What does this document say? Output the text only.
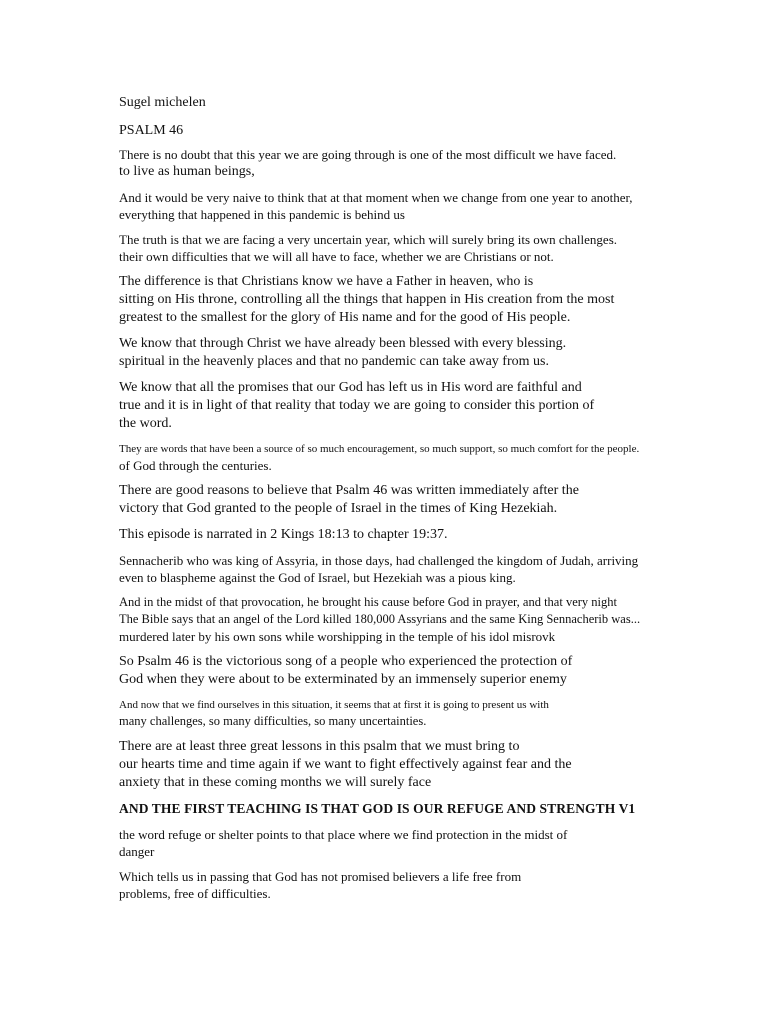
Sugel michelen

PSALM 46

There is no doubt that this year we are going through is one of the most difficult we have faced.
to live as human beings,

And it would be very naive to think that at that moment when we change from one year to another,
everything that happened in this pandemic is behind us

The truth is that we are facing a very uncertain year, which will surely bring its own challenges.
their own difficulties that we will all have to face, whether we are Christians or not.

The difference is that Christians know we have a Father in heaven, who is
sitting on His throne, controlling all the things that happen in His creation from the most
greatest to the smallest for the glory of His name and for the good of His people.

We know that through Christ we have already been blessed with every blessing.
spiritual in the heavenly places and that no pandemic can take away from us.

We know that all the promises that our God has left us in His word are faithful and
true and it is in light of that reality that today we are going to consider this portion of
the word.

They are words that have been a source of so much encouragement, so much support, so much comfort for the people.
of God through the centuries.

There are good reasons to believe that Psalm 46 was written immediately after the
victory that God granted to the people of Israel in the times of King Hezekiah.

This episode is narrated in 2 Kings 18:13 to chapter 19:37.

Sennacherib who was king of Assyria, in those days, had challenged the kingdom of Judah, arriving
even to blaspheme against the God of Israel, but Hezekiah was a pious king.

And in the midst of that provocation, he brought his cause before God in prayer, and that very night
The Bible says that an angel of the Lord killed 180,000 Assyrians and the same King Sennacherib was...
murdered later by his own sons while worshipping in the temple of his idol misrovk

So Psalm 46 is the victorious song of a people who experienced the protection of
God when they were about to be exterminated by an immensely superior enemy

And now that we find ourselves in this situation, it seems that at first it is going to present us with
many challenges, so many difficulties, so many uncertainties.

There are at least three great lessons in this psalm that we must bring to
our hearts time and time again if we want to fight effectively against fear and the
anxiety that in these coming months we will surely face

AND THE FIRST TEACHING IS THAT GOD IS OUR REFUGE AND STRENGTH V1

the word refuge or shelter points to that place where we find protection in the midst of
danger

Which tells us in passing that God has not promised believers a life free from
problems, free of difficulties.
